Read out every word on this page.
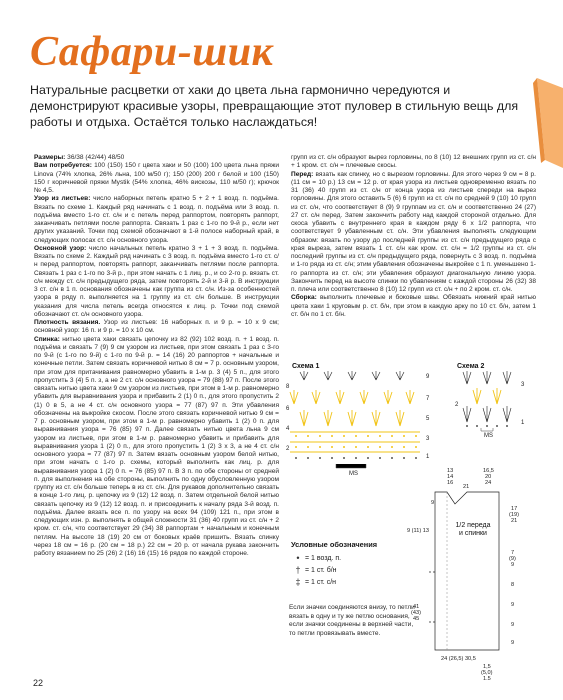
Сафари-шик
Натуральные расцветки от хаки до цвета льна гармонично чередуются и демонстрируют красивые узоры, превращающие этот пуловер в стильную вещь для работы и отдыха. Остаётся только наслаждаться!

Размеры: 36/38 (42/44) 48/50

Вам потребуется: 100 (150) 150 г цвета хаки и 50 (100) 100 цвета льна пряжи Linova (74% хлопка, 26% льна, 100 м/50 г); 150 (200) 200 г белой и 100 (150) 150 г коричневой пряжи Mystik (54% хлопка, 46% вискозы, 110 м/50 г); крючок № 4,5.

Узор из листьев: число наборных петель кратно 5 + 2 + 1 возд. п. подъёма. Вязать по схеме 1. Каждый ряд начинать с 1 возд. п. подъёма или 3 возд. п. подъёма вместо 1-го ст. с/н и с петель перед раппортом, повторять раппорт, заканчивать петлями после раппорта. Связать 1 раз с 1-го по 9-й р., если нет других указаний. Точки под схемой обозначают в 1-й полосе наборный край, в следующих полосах ст. с/н основного узора.

Основной узор: число начальных петель кратно 3 + 1 + 3 возд. п. подъёма. Вязать по схеме 2. Каждый ряд начинать с 3 возд. п. подъёма вместо 1-го ст. с/н перед раппортом, повторять раппорт, заканчивать петлями после раппорта. Связать 1 раз с 1-го по 3-й р., при этом начать с 1 лиц. р., и со 2-го р. вязать ст. с/н между ст. с/н предыдущего ряда, затем повторять 2-й и 3-й р. В инструкции 3 ст. с/н в 1 п. основания обозначены как группа из ст. с/н. Из-за особенностей узора в ряду п. выполняется на 1 группу из ст. с/н больше. В инструкции указания для числа петель всегда относятся к лиц. р. Точки под схемой обозначают ст. с/н основного узора.

Плотность вязания. Узор из листьев: 16 наборных п. и 9 р. = 10 х 9 см; основной узор: 16 п. и 9 р. = 10 х 10 см.

Спинка: нитью цвета хаки связать цепочку из 82 (92) 102 возд. п. + 1 возд. п. подъёма и связать 7 (9) 9 см узором из листьев, при этом связать 1 раз с 3-го по 9-й (с 1-го по 9-й) с 1-го по 9-й р. = 14 (16) 20 раппортов + начальные и конечные петли. Затем связать коричневой нитью 8 см = 7 р. основным узором, при этом для притачивания равномерно убавить в 1-м р. 3 (4) 5 п., для этого пропустить 3 (4) 5 п. з, а не 2 ст. с/н основного узора = 79 (88) 97 п. После этого связать нитью цвета хаки 9 см узором из листьев, при этом в 1-м р. равномерно убавить для выравнивания узора и прибавить 2 (1) 0 п., для этого пропустить 2 (1) 0 в 5, а не 4 ст. с/н основного узора = 77 (87) 97 п. Эти убавления обозначены на выкройке скосом. После этого связать коричневой нитью 9 см = 7 р. основным узором, при этом в 1-м р. равномерно убавить 1 (2) 0 п. для выравнивания узора = 76 (85) 97 п. Далее связать нитью цвета льна 9 см узором из листьев, при этом в 1-м р. равномерно убавить и прибавить для выравнивания узора 1 (2) 0 п., для этого пропустить 1 (2) 3 х 3, а не 4 ст. с/н основного узора = 77 (87) 97 п. Затем вязать основным узором белой нитью, при этом начать с 1-го р. схемы, который выполнить как лиц. р. для выравнивания узора 1 (2) 0 п. = 76 (85) 97 п. В 3 п. по обе стороны от средней п. для выполнения на обе стороны, выполнить по одну обусловленную узором группу из ст. с/н больше теперь в из ст. с/н. Для рукавов дополнительно связать в конце 1-го лиц. р. цепочку из 9 (12) 12 возд. п. Затем отдельной белой нитью связать цепочку из 9 (12) 12 возд. п. и присоединить к началу ряда 3-й возд. п. подъёма. Далее вязать все п. по узору на всех 94 (109) 121 п., при этом в следующих изн. р. выполнять в общей сложности 31 (36) 40 групп из ст. с/н + 2 кром. ст. с/н, что соответствует 29 (34) 38 раппортам + начальным и конечным петлям. На высоте 18 (19) 20 см от боковых краёв пришить. Вязать спинку через 18 см = 16 р. (20 см = 18 р.) 22 см = 20 р. от начала рукава закончить работу вязанием по 25 (26) 2 (16) 16 (15) 16 рядов по каждой стороне.

22

групп из ст. с/н образуют вырез горловины, по 8 (10) 12 внешних групп из ст. с/н + 1 кром. ст. с/н = плечевые скосы.

Перед: вязать как спинку, но с вырезом горловины. Для этого через 9 см = 8 р. (11 см = 10 р.) 13 см = 12 р. от края узора из листьев одновременно вязать по 31 (36) 40 групп из ст. с/н от конца узора из листьев спереди на вырез горловины. Для этого оставить 5 (6) 6 групп из ст. с/н по средней 9 (10) 10 групп из ст. с/н, что соответствует 8 (9) 9 группам из ст. с/н и соответственно 24 (27) 27 ст. с/н перед. Затем закончить работу над каждой стороной отдельно. Для скоса убавить с внутреннего края в каждом ряду 6 х 1/2 раппорта, что соответствует 9 убавленным ст. с/н. Эти убавления выполнять следующим образом: вязать по узору до последней группы из ст. с/н предыдущего ряда с края выреза, затем вязать 1 ст. с/н как кром. ст. с/н = 1/2 группы из ст. с/н последний группы из ст. с/н предыдущего ряда, повернуть с 3 возд. п. подъёма и 1-го ряда из ст. с/н; этим убавления обозначены выкройке с 1 п. уменьшено 1-го раппорта из ст. с/н; эти убавления образуют диагональную линию узора. Закончить перед на высоте спинки по убавлениям с каждой стороны 26 (32) 38 п. плеча или соответственно 8 (10) 12 групп из ст. с/н + по 2 кром. ст. с/н.

Сборка: выполнить плечевые и боковые швы. Обвязать нижний край нитью цвета хаки 1 круговым р. ст. б/н, при этом в каждую арку по 10 ст. б/н, затем 1 ст. б/н по 1 ст. б/н.

Схема 1
MS
9
7
5
3
1
8
6
4
2
Схема 2
MS
3
1
2
13
14
16
16,5
20
24
21
9
9 (11) 13
41
(43)
45
17
(19)
21
7
(9)
9
8
9
9
9
24 (26,5) 30,5
1,5
(5,0)
1,5
1/2 переда и спинки
Условные обозначения
• = 1 возд. п.
† = 1 ст. б/н
‡ = 1 ст. с/н
Если значки соединяются внизу, то петли вязать в одну и ту же петлю основания, если значки соединены в верхней части, то петли провязывать вместе.
